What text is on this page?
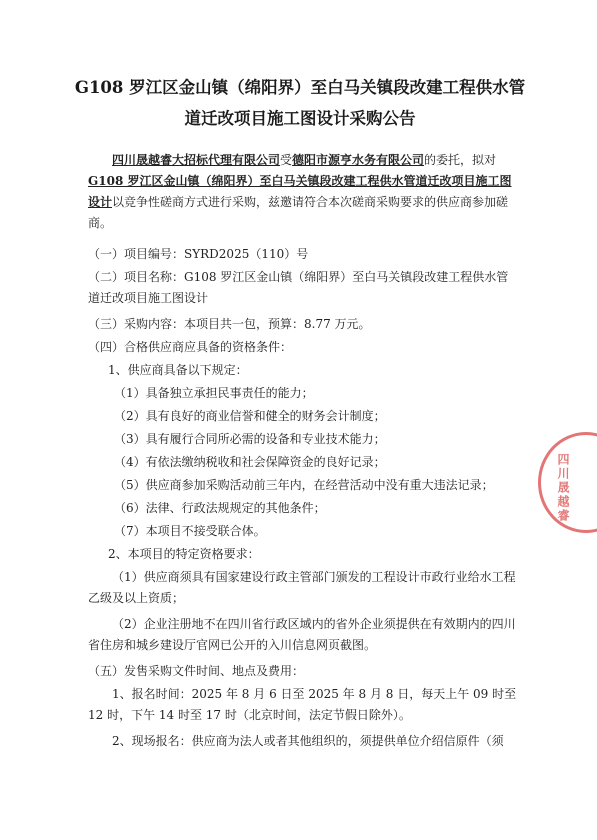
G108 罗江区金山镇（绵阳界）至白马关镇段改建工程供水管
道迁改项目施工图设计采购公告
四川晟越睿大招标代理有限公司受德阳市源亨水务有限公司的委托，拟对G108 罗江区金山镇（绵阳界）至白马关镇段改建工程供水管道迁改项目施工图设计以竞争性磋商方式进行采购，兹邀请符合本次磋商采购要求的供应商参加磋商。
（一）项目编号：SYRD2025（110）号
（二）项目名称：G108 罗江区金山镇（绵阳界）至白马关镇段改建工程供水管道迁改项目施工图设计
（三）采购内容：本项目共一包，预算：8.77 万元。
（四）合格供应商应具备的资格条件：
1、供应商具备以下规定：
（1）具备独立承担民事责任的能力；
（2）具有良好的商业信誉和健全的财务会计制度；
（3）具有履行合同所必需的设备和专业技术能力；
（4）有依法缴纳税收和社会保障资金的良好记录；
（5）供应商参加采购活动前三年内，在经营活动中没有重大违法记录；
（6）法律、行政法规规定的其他条件；
（7）本项目不接受联合体。
2、本项目的特定资格要求：
（1）供应商须具有国家建设行政主管部门颁发的工程设计市政行业给水工程乙级及以上资质；
（2）企业注册地不在四川省行政区域内的省外企业须提供在有效期内的四川省住房和城乡建设厅官网已公开的入川信息网页截图。
（五）发售采购文件时间、地点及费用：
1、报名时间：2025 年 8 月 6 日至 2025 年 8 月 8 日，每天上午 09 时至 12 时，下午 14 时至 17 时（北京时间，法定节假日除外）。
2、现场报名：供应商为法人或者其他组织的，须提供单位介绍信原件（须
四川晟越睿
